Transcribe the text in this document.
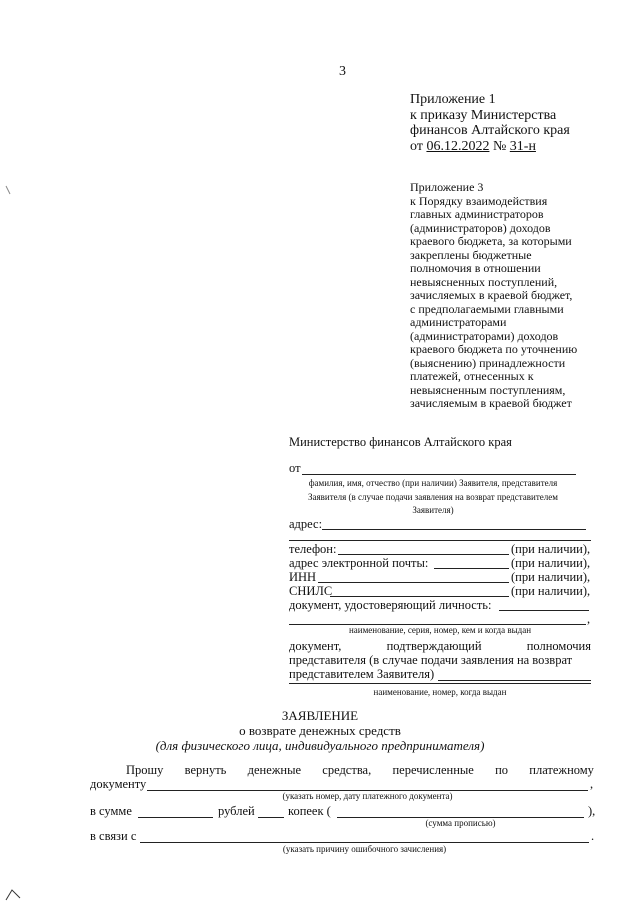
3
Приложение 1
к приказу Министерства
финансов Алтайского края
от 06.12.2022 № 31-н
Приложение 3
к Порядку взаимодействия
главных администраторов
(администраторов) доходов
краевого бюджета, за которыми
закреплены бюджетные
полномочия в отношении
невыясненных поступлений,
зачисляемых в краевой бюджет,
с предполагаемыми главными
администраторами
(администраторами) доходов
краевого бюджета по уточнению
(выяснению) принадлежности
платежей, отнесенных к
невыясненным поступлениям,
зачисляемым в краевой бюджет
Министерство финансов Алтайского края
от
фамилия, имя, отчество (при наличии) Заявителя, представителя
Заявителя (в случае подачи заявления на возврат представителем
Заявителя)
адрес:
телефон:	(при наличии),
адрес электронной почты:	(при наличии),
ИНН	(при наличии),
СНИЛС	(при наличии),
документ, удостоверяющий личность:
,
наименование, серия, номер, кем и когда выдан
документ,	подтверждающий	полномочия
представителя (в случае подачи заявления на возврат
представителем Заявителя)
наименование, номер, когда выдан
ЗАЯВЛЕНИЕ
о возврате денежных средств
(для физического лица, индивидуального предпринимателя)
Прошу вернуть денежные средства, перечисленные по платежному
документу	,
(указать номер, дату платежного документа)
в сумме	рублей	копеек (	),
(сумма прописью)
в связи с	.
(указать причину ошибочного зачисления)
